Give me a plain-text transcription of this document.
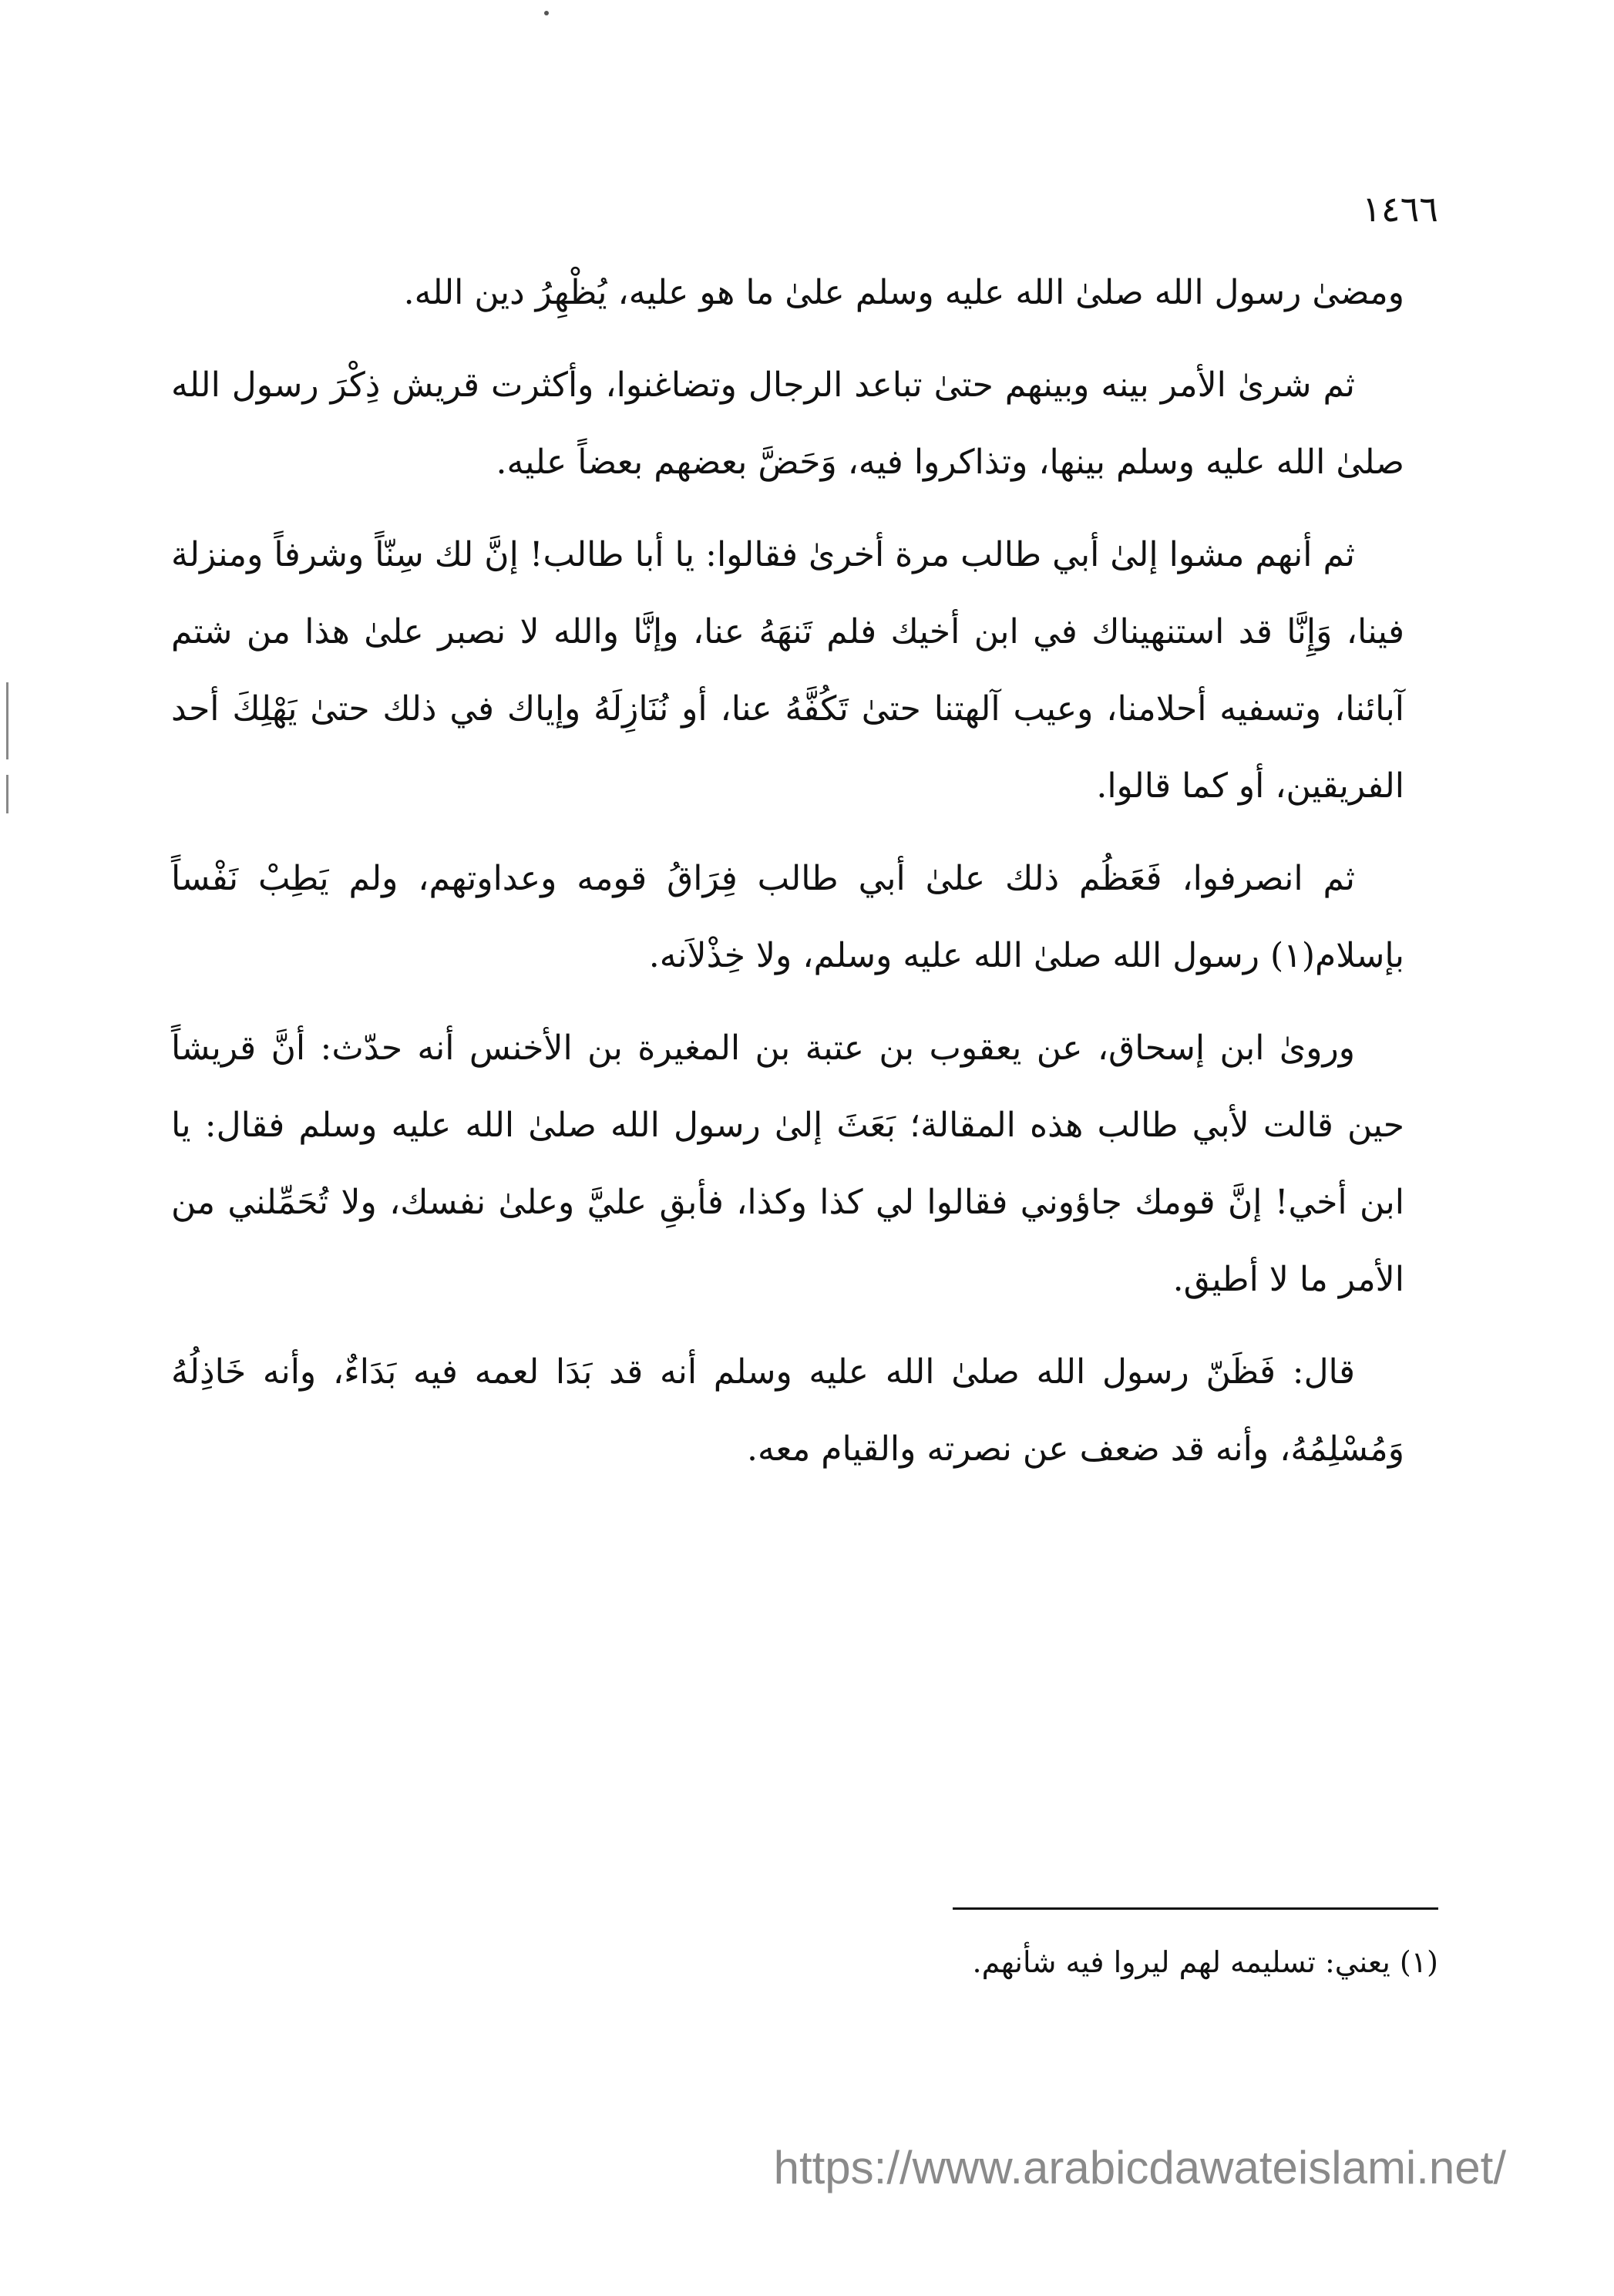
١٤٦٦

ومضىٰ رسول الله صلىٰ الله عليه وسلم علىٰ ما هو عليه، يُظْهِرُ دين الله.

ثم شرىٰ الأمر بينه وبينهم حتىٰ تباعد الرجال وتضاغنوا، وأكثرت قريش ذِكْرَ رسول الله صلىٰ الله عليه وسلم بينها، وتذاكروا فيه، وَحَضَّ بعضهم بعضاً عليه.

ثم أنهم مشوا إلىٰ أبي طالب مرة أخرىٰ فقالوا: يا أبا طالب! إنَّ لك سِنّاً وشرفاً ومنزلة فينا، وَإِنَّا قد استنهيناك في ابن أخيك فلم تَنهَهُ عنا، وإنَّا والله لا نصبر علىٰ هذا من شتم آبائنا، وتسفيه أحلامنا، وعيب آلهتنا حتىٰ تَكُفَّهُ عنا، أو نُنَازِلَهُ وإياك في ذلك حتىٰ يَهْلِكَ أحد الفريقين، أو كما قالوا.

ثم انصرفوا، فَعَظُم ذلك علىٰ أبي طالب فِرَاقُ قومه وعداوتهم، ولم يَطِبْ نَفْساً بإسلام(١) رسول الله صلىٰ الله عليه وسلم، ولا خِذْلاَنه.

وروىٰ ابن إسحاق، عن يعقوب بن عتبة بن المغيرة بن الأخنس أنه حدّث: أنَّ قريشاً حين قالت لأبي طالب هذه المقالة؛ بَعَثَ إلىٰ رسول الله صلىٰ الله عليه وسلم فقال: يا ابن أخي! إنَّ قومك جاؤوني فقالوا لي كذا وكذا، فأبقِ عليَّ وعلىٰ نفسك، ولا تُحَمِّلني من الأمر ما لا أطيق.

قال: فَظَنّ رسول الله صلىٰ الله عليه وسلم أنه قد بَدَا لعمه فيه بَدَاءٌ، وأنه خَاذِلُهُ وَمُسْلِمُهُ، وأنه قد ضعف عن نصرته والقيام معه.

(١) يعني: تسليمه لهم ليروا فيه شأنهم.

https://www.arabicdawateislami.net/
